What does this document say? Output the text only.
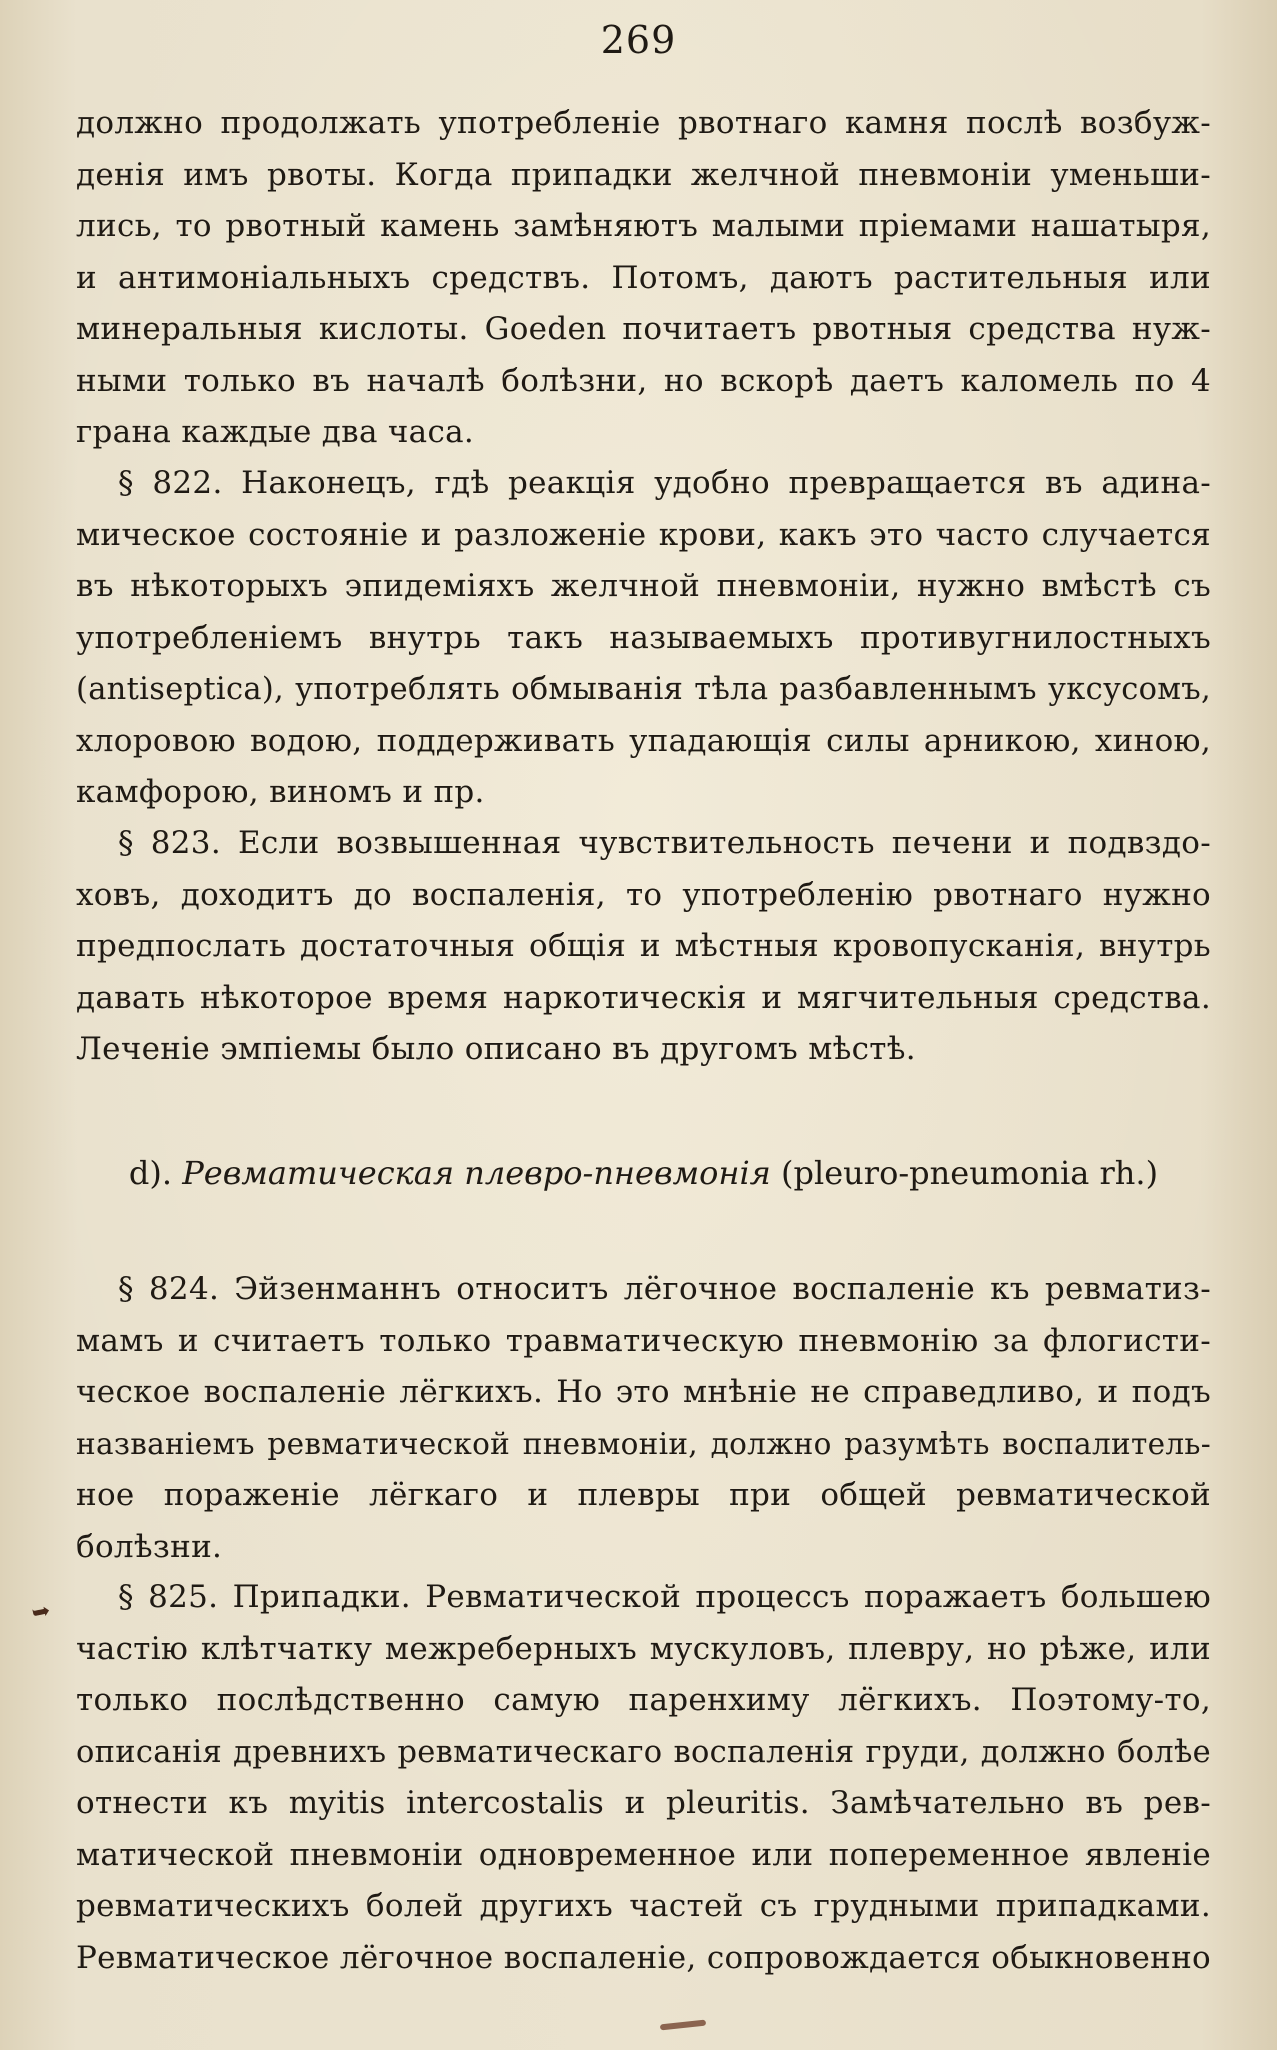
269
должно продолжать употребленіе рвотнаго камня послѣ возбуж-
денія имъ рвоты. Когда припадки желчной пневмоніи уменьши-
лись, то рвотный камень замѣняютъ малыми пріемами нашатыря,
и антимоніальныхъ средствъ. Потомъ, даютъ растительныя или
минеральныя кислоты. Goeden почитаетъ рвотныя средства нуж-
ными только въ началѣ болѣзни, но вскорѣ даетъ каломель по 4
грана каждые два часа.
§ 822. Наконецъ, гдѣ реакція удобно превращается въ адина-
мическое состояніе и разложеніе крови, какъ это часто случается
въ нѣкоторыхъ эпидеміяхъ желчной пневмоніи, нужно вмѣстѣ съ
употребленіемъ внутрь такъ называемыхъ противугнилостныхъ
(antiseptica), употреблять обмыванія тѣла разбавленнымъ уксусомъ,
хлоровою водою, поддерживать упадающія силы арникою, хиною,
камфорою, виномъ и пр.
§ 823. Если возвышенная чувствительность печени и подвздо-
ховъ, доходитъ до воспаленія, то употребленію рвотнаго нужно
предпослать достаточныя общія и мѣстныя кровопусканія, внутрь
давать нѣкоторое время наркотическія и мягчительныя средства.
Леченіе эмпіемы было описано въ другомъ мѣстѣ.
d). Ревматическая плевро-пневмонія (pleuro-pneumonia rh.)
§ 824. Эйзенманнъ относитъ лёгочное воспаленіе къ ревматиз-
мамъ и считаетъ только травматическую пневмонію за флогисти-
ческое воспаленіе лёгкихъ. Но это мнѣніе не справедливо, и подъ
названіемъ ревматической пневмоніи, должно разумѣть воспалитель-
ное пораженіе лёгкаго и плевры при общей ревматической
болѣзни.
§ 825. Припадки. Ревматической процессъ поражаетъ большею
частію клѣтчатку межреберныхъ мускуловъ, плевру, но рѣже, или
только послѣдственно самую паренхиму лёгкихъ. Поэтому-то,
описанія древнихъ ревматическаго воспаленія груди, должно болѣе
отнести къ myitis intercostalis и pleuritis. Замѣчательно въ рев-
матической пневмоніи одновременное или попеременное явленіе
ревматическихъ болей другихъ частей съ грудными припадками.
Ревматическое лёгочное воспаленіе, сопровождается обыкновенно
➥
